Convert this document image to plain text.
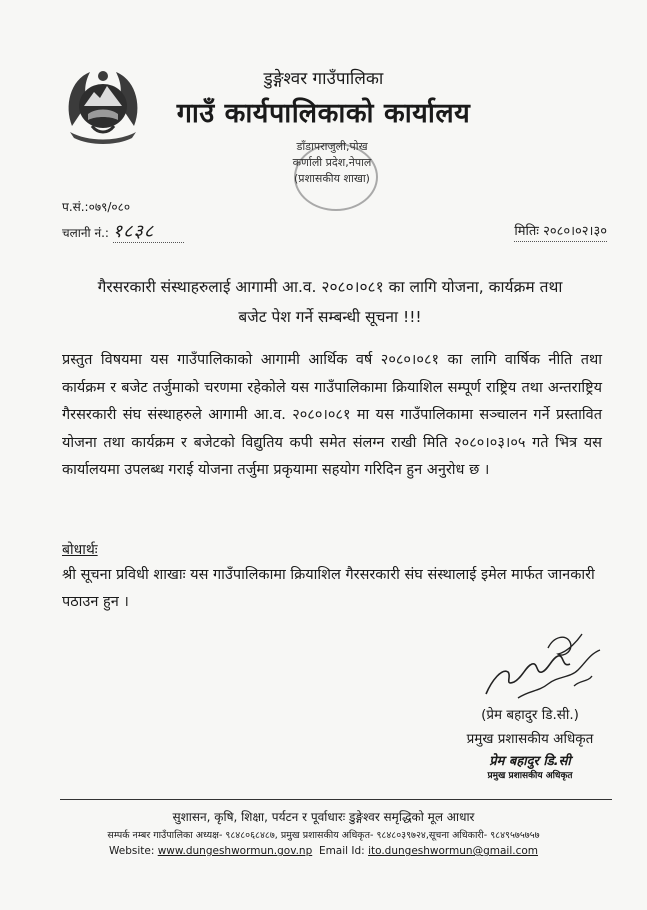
डुङ्गेश्वर गाउँपालिका
गाउँ कार्यपालिकाको कार्यालय
डाँडापराजुली,पोख
कर्णाली प्रदेश,नेपाल
(प्रशासकीय शाखा)
प.सं.:०७९/०८०
चलानी नं.: १८३८	मितिः २०८०।०२।३०
गैरसरकारी संस्थाहरुलाई आगामी आ.व. २०८०।०८१ का लागि योजना, कार्यक्रम तथा
बजेट पेश गर्ने सम्बन्धी सूचना !!!
प्रस्तुत विषयमा यस गाउँपालिकाको आगामी आर्थिक वर्ष २०८०।०८१ का लागि वार्षिक नीति तथा कार्यक्रम र बजेट तर्जुमाको चरणमा रहेकोले यस गाउँपालिकामा क्रियाशिल सम्पूर्ण राष्ट्रिय तथा अन्तराष्ट्रिय गैरसरकारी संघ संस्थाहरुले आगामी आ.व. २०८०।०८१ मा यस गाउँपालिकामा सञ्चालन गर्ने प्रस्तावित योजना तथा कार्यक्रम र बजेटको विद्युतिय कपी समेत संलग्न राखी मिति २०८०।०३।०५ गते भित्र यस कार्यालयमा उपलब्ध गराई योजना तर्जुमा प्रकृयामा सहयोग गरिदिन हुन अनुरोध छ ।
बोधार्थः
श्री सूचना प्रविधी शाखाः यस गाउँपालिकामा क्रियाशिल गैरसरकारी संघ संस्थालाई इमेल मार्फत जानकारी पठाउन हुन ।
(प्रेम बहादुर डि.सी.)
प्रमुख प्रशासकीय अधिकृत
प्रेम बहादुर डि.सी
प्रमुख प्रशासकीय अधिकृत
सुशासन, कृषि, शिक्षा, पर्यटन र पूर्वाधारः डुङ्गेश्वर समृद्धिको मूल आधार
सम्पर्क नम्बर गाउँपालिका अध्यक्ष- ९८४८०६८४८७, प्रमुख प्रशासकीय अधिकृत- ९८४८०३९७२४,सूचना अधिकारी- ९८४९५७५७५७
Website: www.dungeshwormun.gov.np Email Id: ito.dungeshwormun@gmail.com
